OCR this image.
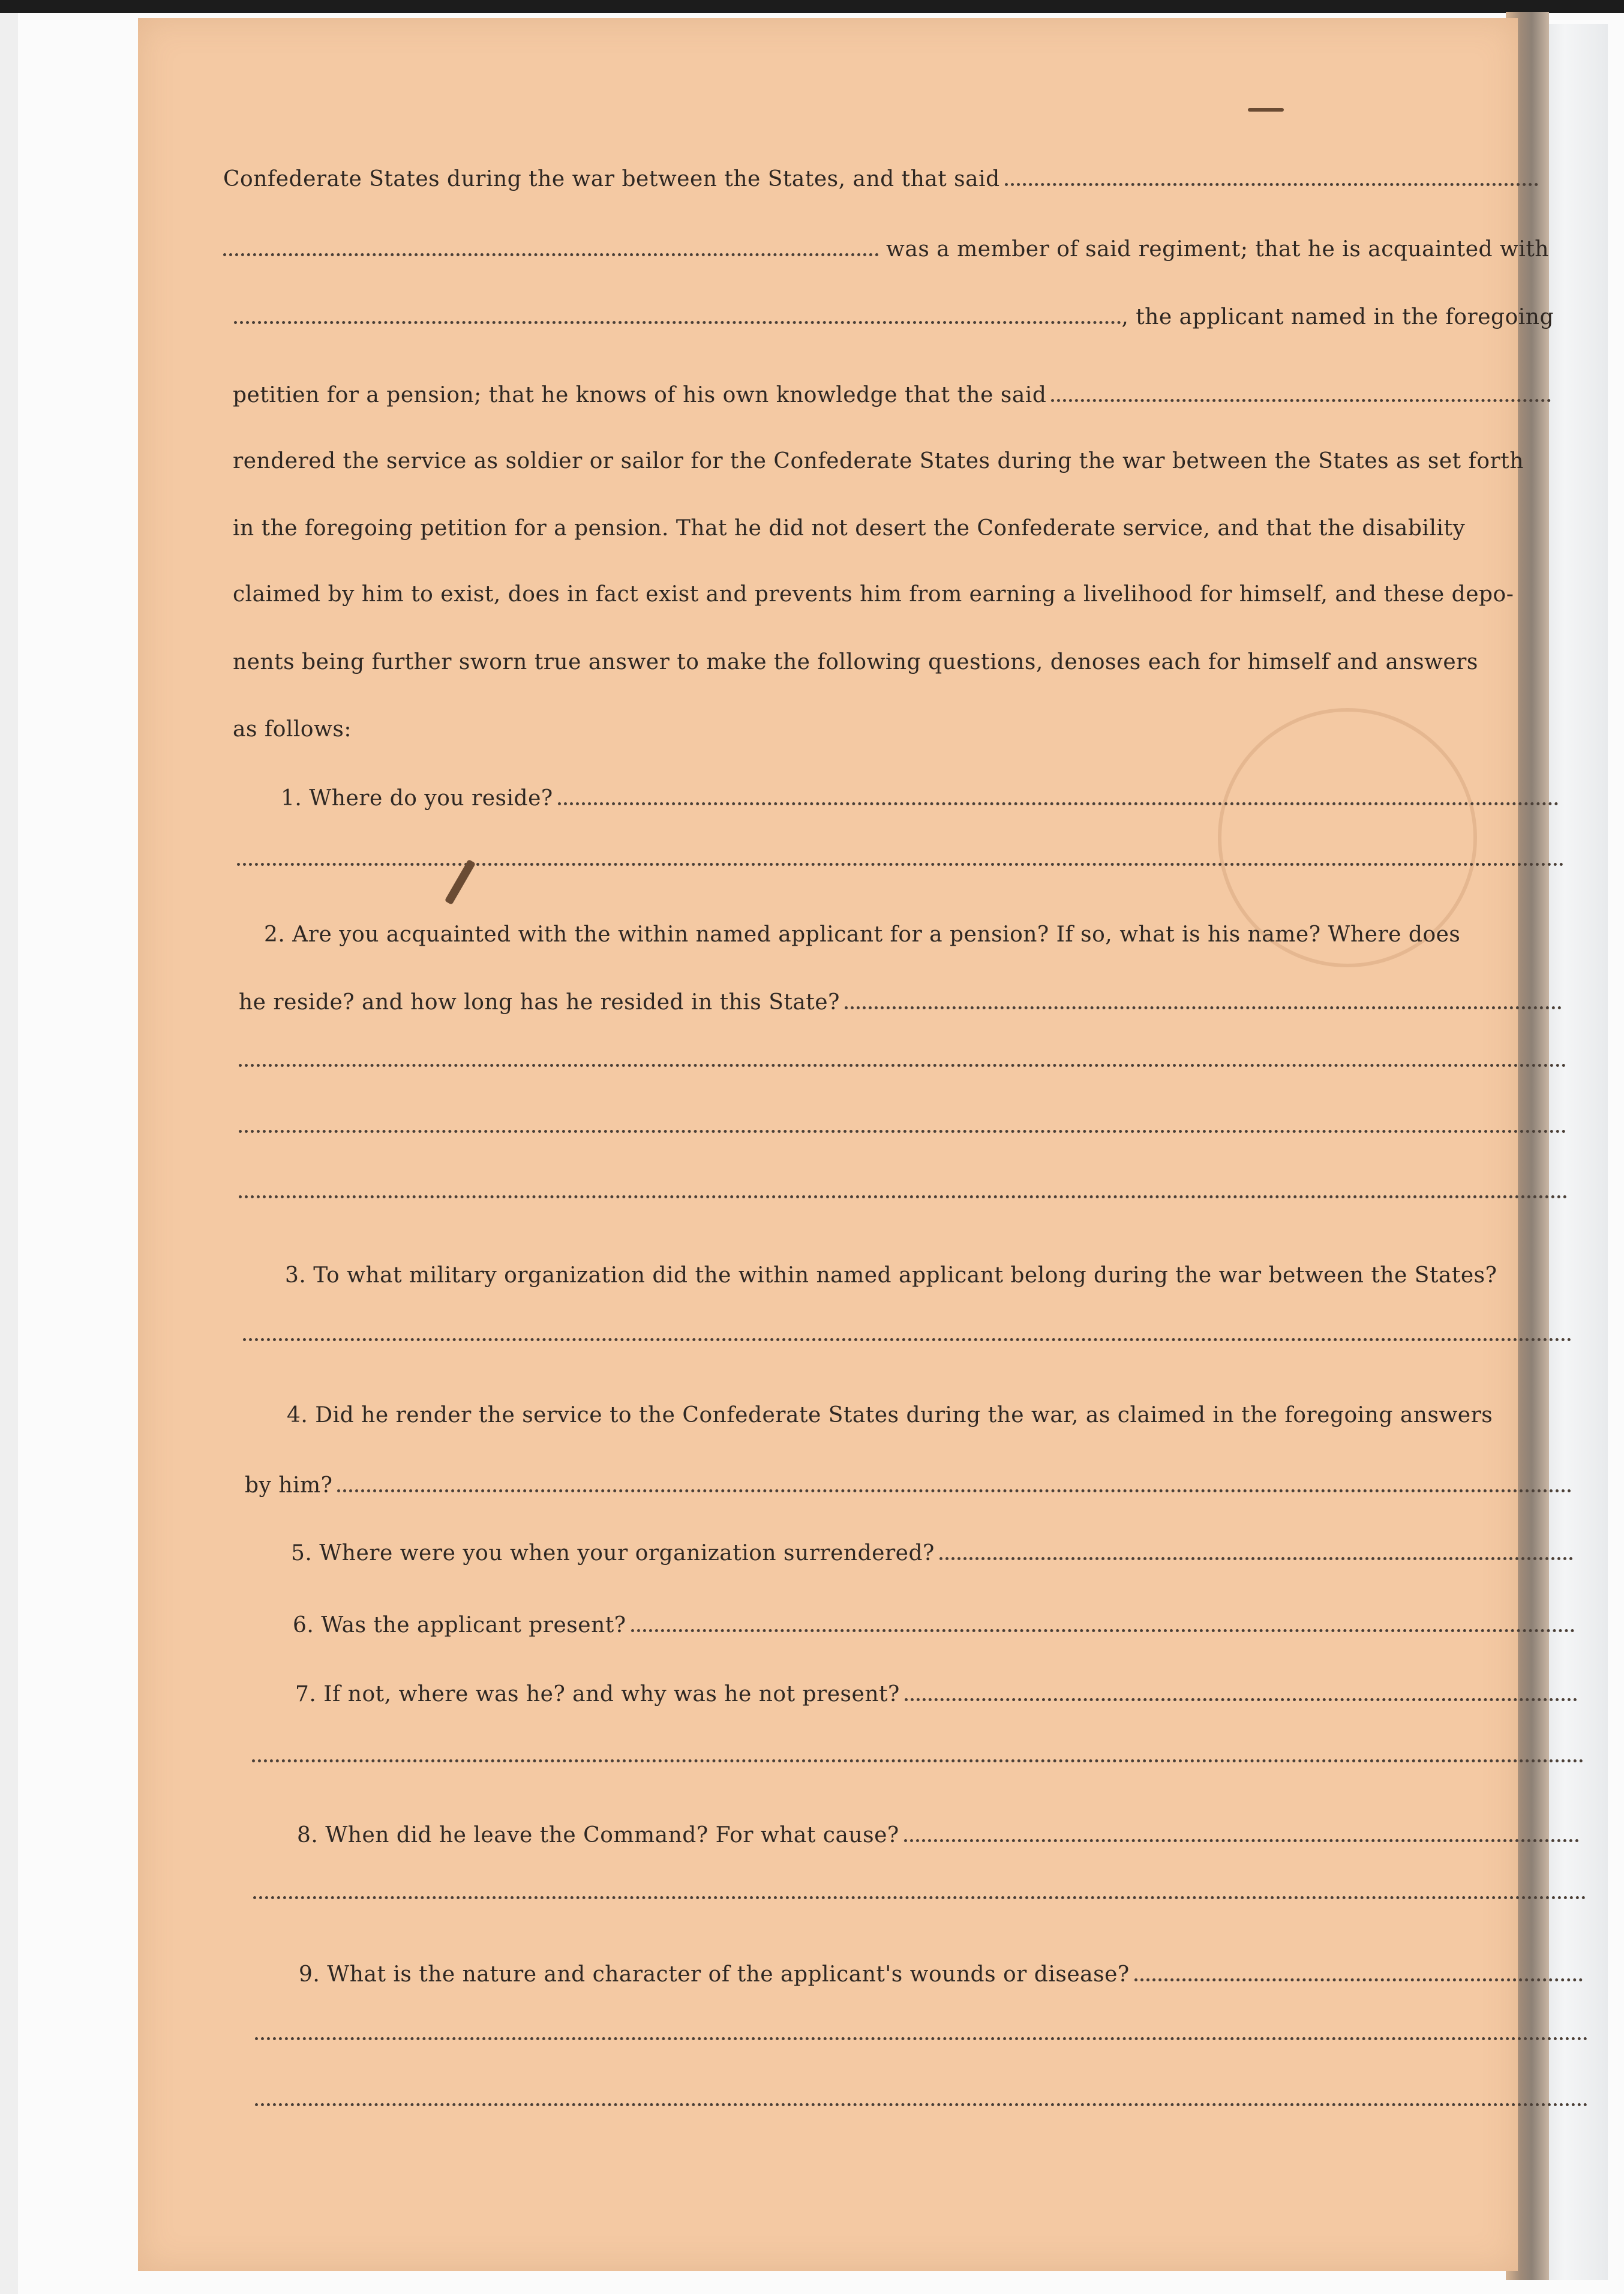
Confederate States during the war between the States, and that said
was a member of said regiment; that he is acquainted with
, the applicant named in the foregoing
petitien for a pension; that he knows of his own knowledge that the said
rendered the service as soldier or sailor for the Confederate States during the war between the States as set forth
in the foregoing petition for a pension. That he did not desert the Confederate service, and that the disability
claimed by him to exist, does in fact exist and prevents him from earning a livelihood for himself, and these depo-
nents being further sworn true answer to make the following questions, denoses each for himself and answers
as follows:
1. Where do you reside?
2. Are you acquainted with the within named applicant for a pension? If so, what is his name? Where does
he reside? and how long has he resided in this State?
3. To what military organization did the within named applicant belong during the war between the States?
4. Did he render the service to the Confederate States during the war, as claimed in the foregoing answers
by him?
5. Where were you when your organization surrendered?
6. Was the applicant present?
7. If not, where was he? and why was he not present?
8. When did he leave the Command? For what cause?
9. What is the nature and character of the applicant's wounds or disease?
